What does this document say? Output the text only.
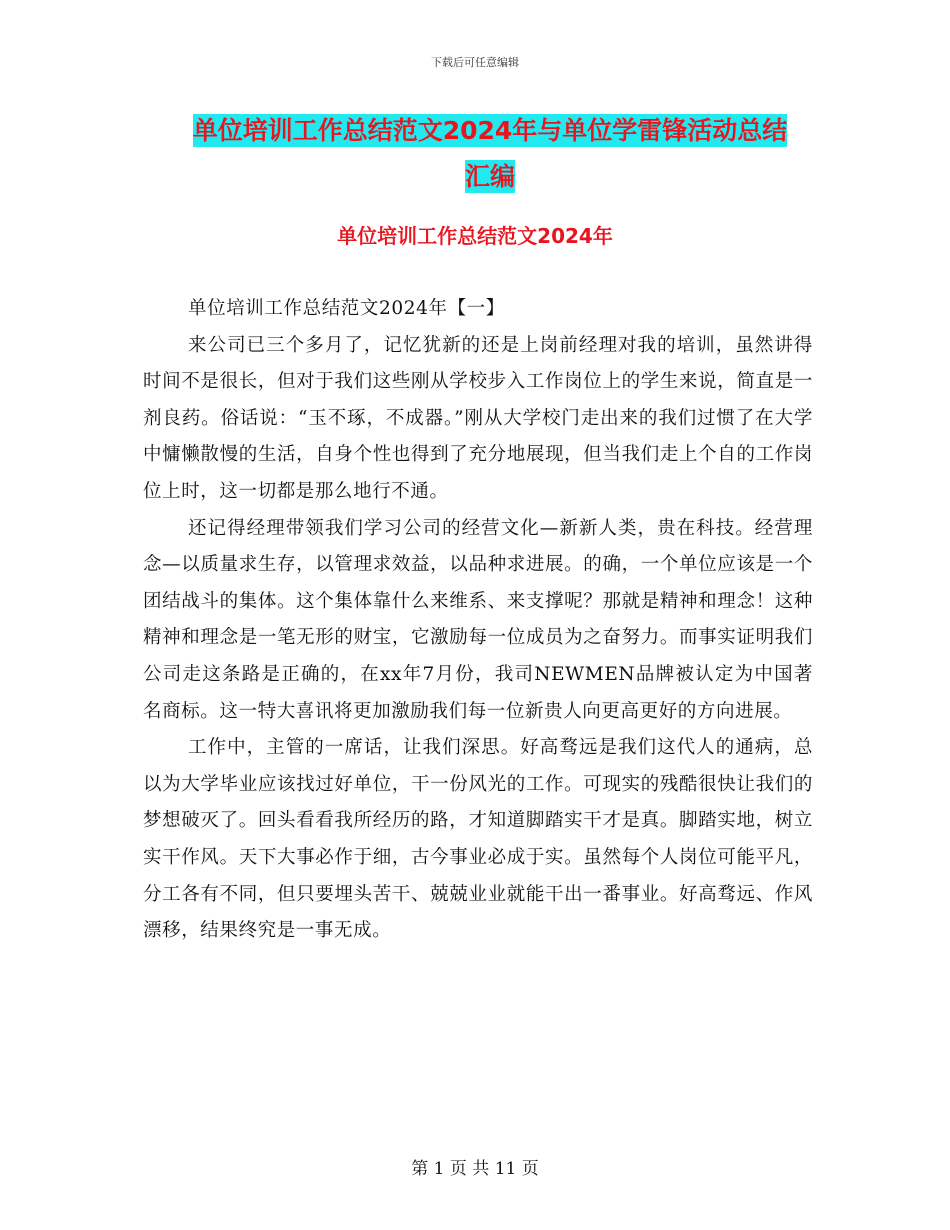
下载后可任意编辑
单位培训工作总结范文2024年与单位学雷锋活动总结
汇编
单位培训工作总结范文2024年

单位培训工作总结范文2024年【一】

来公司已三个多月了，记忆犹新的还是上岗前经理对我的培训，虽然讲得时间不是很长，但对于我们这些刚从学校步入工作岗位上的学生来说，简直是一剂良药。俗话说：“玉不琢，不成器。”刚从大学校门走出来的我们过惯了在大学中慵懒散慢的生活，自身个性也得到了充分地展现，但当我们走上个自的工作岗位上时，这一切都是那么地行不通。

还记得经理带领我们学习公司的经营文化—新新人类，贵在科技。经营理念—以质量求生存，以管理求效益，以品种求进展。的确，一个单位应该是一个团结战斗的集体。这个集体靠什么来维系、来支撑呢？那就是精神和理念！这种精神和理念是一笔无形的财宝，它激励每一位成员为之奋努力。而事实证明我们公司走这条路是正确的，在xx年7月份，我司NEWMEN品牌被认定为中国著名商标。这一特大喜讯将更加激励我们每一位新贵人向更高更好的方向进展。

工作中，主管的一席话，让我们深思。好高骛远是我们这代人的通病，总以为大学毕业应该找过好单位，干一份风光的工作。可现实的残酷很快让我们的梦想破灭了。回头看看我所经历的路，才知道脚踏实干才是真。脚踏实地，树立实干作风。天下大事必作于细，古今事业必成于实。虽然每个人岗位可能平凡，分工各有不同，但只要埋头苦干、兢兢业业就能干出一番事业。好高骛远、作风漂移，结果终究是一事无成。

第 1 页 共 11 页
